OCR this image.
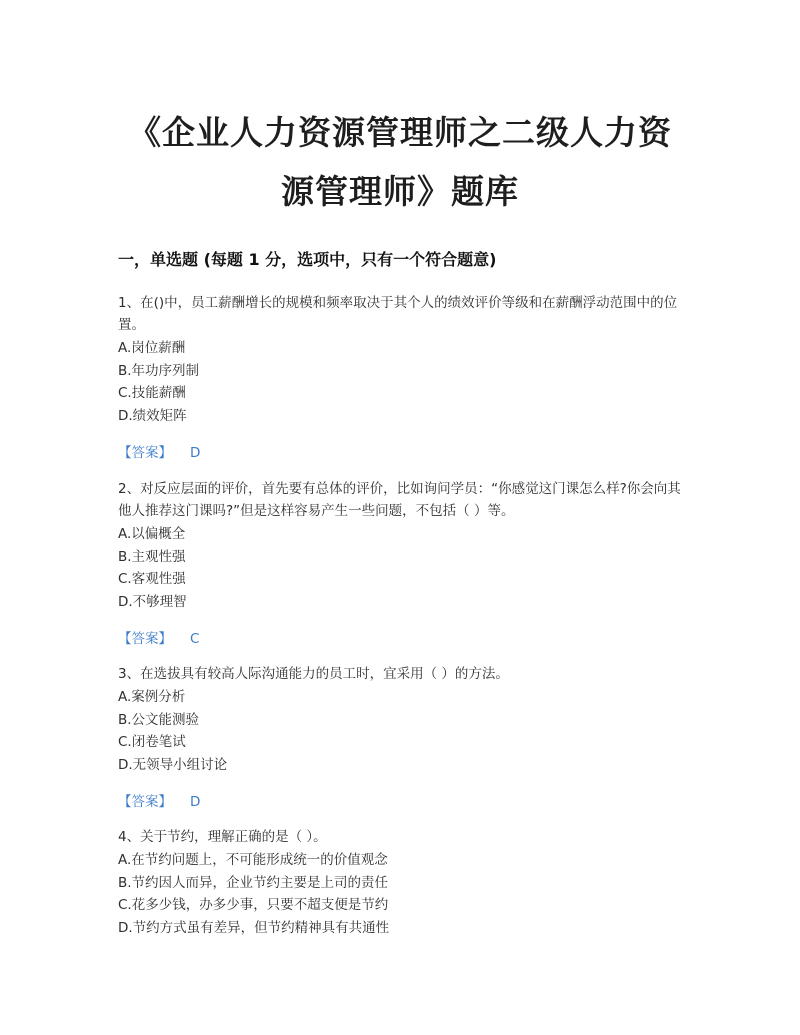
《企业人力资源管理师之二级人力资
源管理师》题库
一，单选题 (每题 1 分，选项中，只有一个符合题意)
1、在()中，员工薪酬增长的规模和频率取决于其个人的绩效评价等级和在薪酬浮动范围中的位置。
A.岗位薪酬
B.年功序列制
C.技能薪酬
D.绩效矩阵
【答案】 D
2、对反应层面的评价，首先要有总体的评价，比如询问学员：“你感觉这门课怎么样?你会向其他人推荐这门课吗?”但是这样容易产生一些问题，不包括（ ）等。
A.以偏概全
B.主观性强
C.客观性强
D.不够理智
【答案】 C
3、在选拔具有较高人际沟通能力的员工时，宜采用（ ）的方法。
A.案例分析
B.公文能测验
C.闭卷笔试
D.无领导小组讨论
【答案】 D
4、关于节约，理解正确的是（ ）。
A.在节约问题上，不可能形成统一的价值观念
B.节约因人而异，企业节约主要是上司的责任
C.花多少钱，办多少事，只要不超支便是节约
D.节约方式虽有差异，但节约精神具有共通性
